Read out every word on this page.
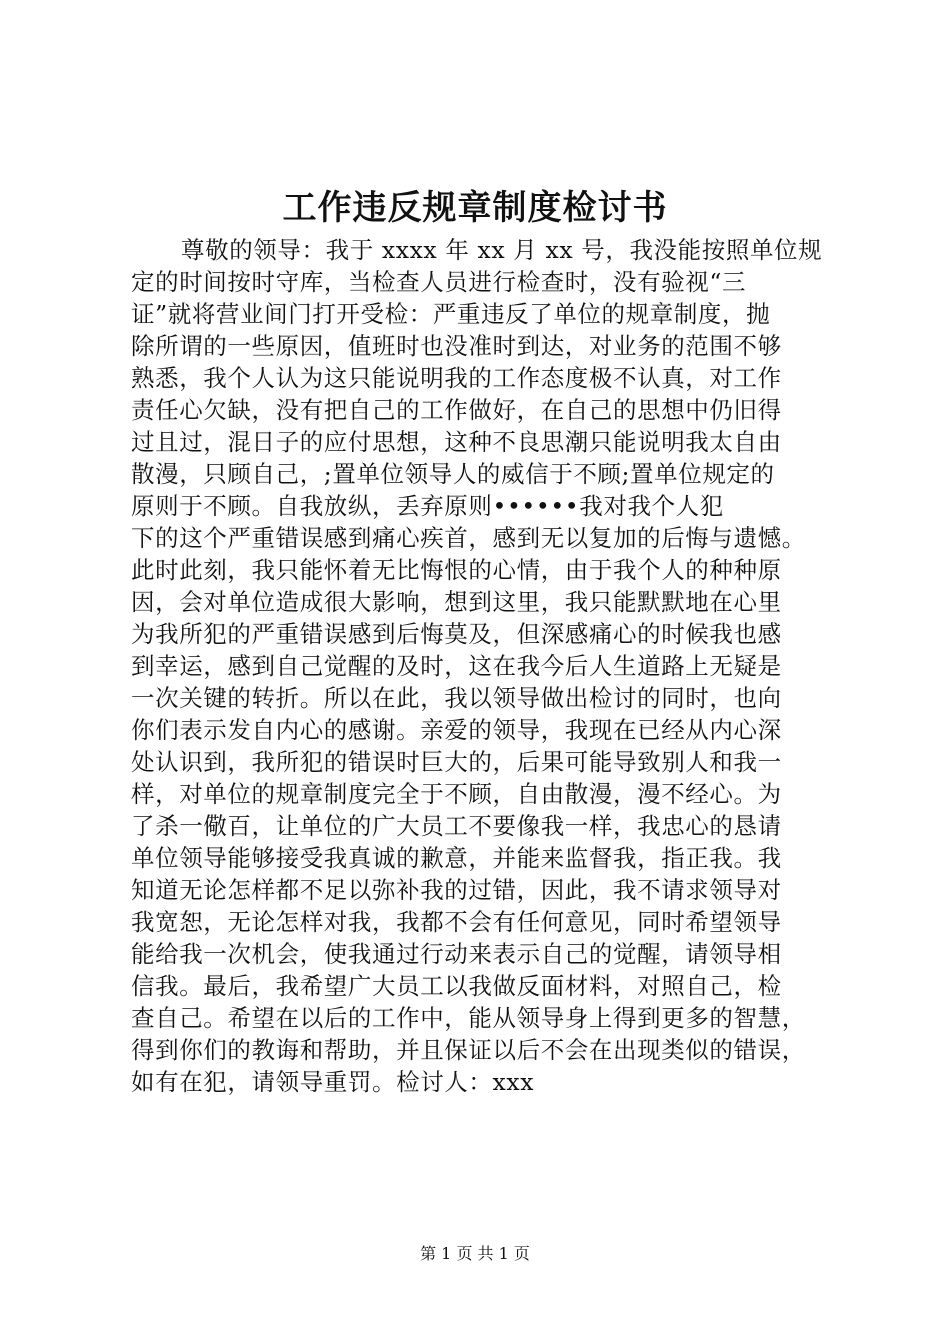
工作违反规章制度检讨书
尊敬的领导：我于 xxxx 年 xx 月 xx 号，我没能按照单位规
定的时间按时守库，当检查人员进行检查时，没有验视“三
证”就将营业间门打开受检：严重违反了单位的规章制度，抛
除所谓的一些原因，值班时也没准时到达，对业务的范围不够
熟悉，我个人认为这只能说明我的工作态度极不认真，对工作
责任心欠缺，没有把自己的工作做好，在自己的思想中仍旧得
过且过，混日子的应付思想，这种不良思潮只能说明我太自由
散漫，只顾自己，;置单位领导人的威信于不顾;置单位规定的
原则于不顾。自我放纵，丢弃原则••••••我对我个人犯
下的这个严重错误感到痛心疾首，感到无以复加的后悔与遗憾。
此时此刻，我只能怀着无比悔恨的心情，由于我个人的种种原
因，会对单位造成很大影响，想到这里，我只能默默地在心里
为我所犯的严重错误感到后悔莫及，但深感痛心的时候我也感
到幸运，感到自己觉醒的及时，这在我今后人生道路上无疑是
一次关键的转折。所以在此，我以领导做出检讨的同时，也向
你们表示发自内心的感谢。亲爱的领导，我现在已经从内心深
处认识到，我所犯的错误时巨大的，后果可能导致别人和我一
样，对单位的规章制度完全于不顾，自由散漫，漫不经心。为
了杀一儆百，让单位的广大员工不要像我一样，我忠心的恳请
单位领导能够接受我真诚的歉意，并能来监督我，指正我。我
知道无论怎样都不足以弥补我的过错，因此，我不请求领导对
我宽恕，无论怎样对我，我都不会有任何意见，同时希望领导
能给我一次机会，使我通过行动来表示自己的觉醒，请领导相
信我。最后，我希望广大员工以我做反面材料，对照自己，检
查自己。希望在以后的工作中，能从领导身上得到更多的智慧，
得到你们的教诲和帮助，并且保证以后不会在出现类似的错误，
如有在犯，请领导重罚。检讨人：xxx
第 1 页 共 1 页
